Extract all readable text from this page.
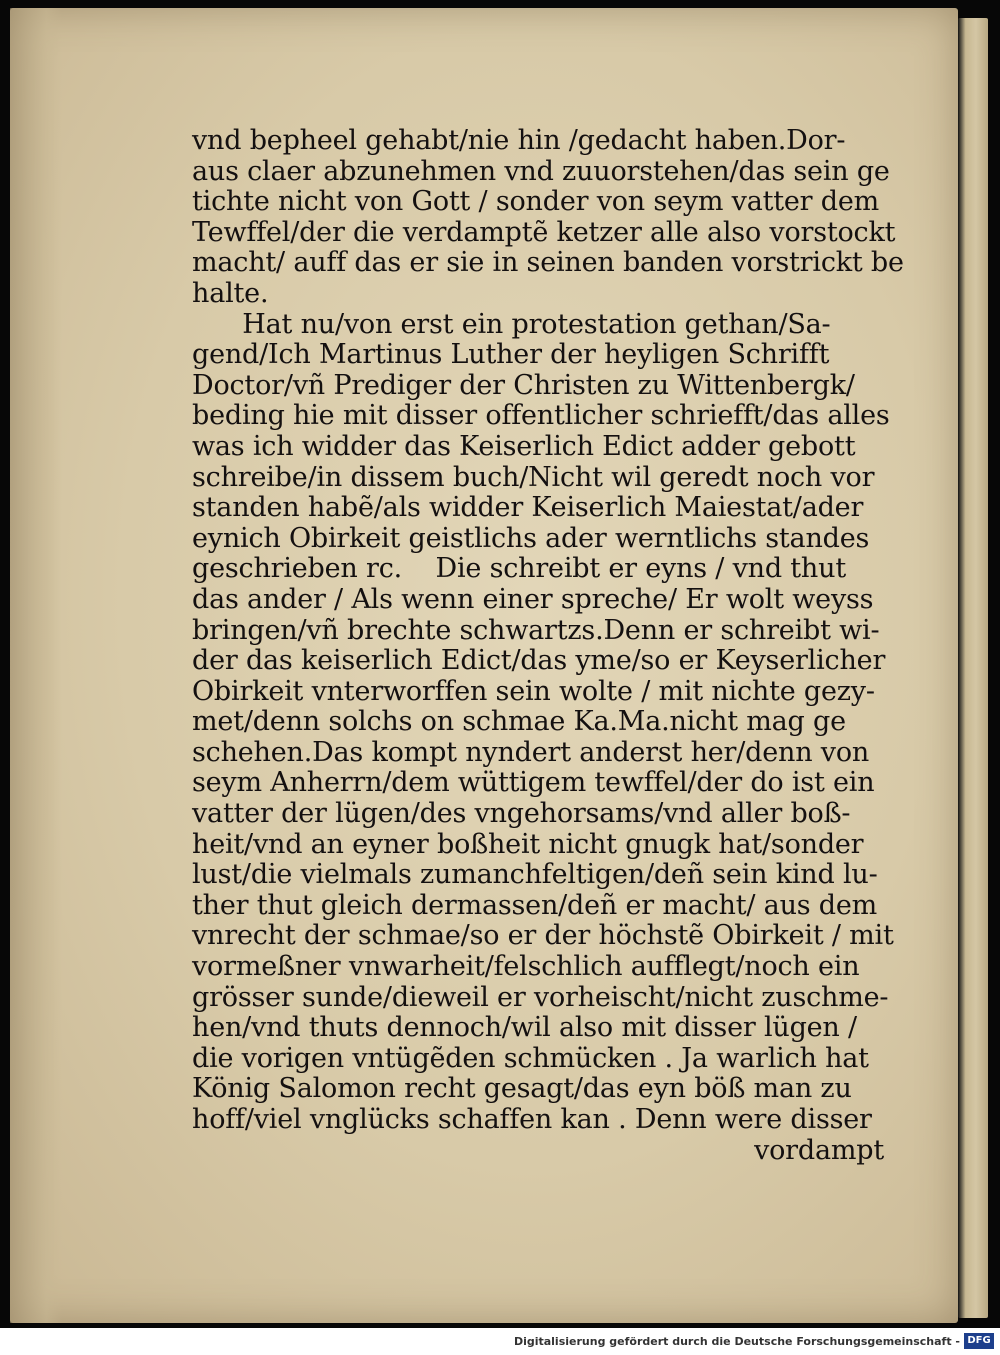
vnd bepheel gehabt/nie hin /gedacht haben.Dor-
aus claer abzunehmen vnd zuuorstehen/das sein ge
tichte nicht von Gott / sonder von seym vatter dem
Tewffel/der die verdamptẽ ketzer alle also vorstockt
macht/ auff das er sie in seinen banden vorstrickt be
halte.
Hat nu/von erst ein protestation gethan/Sa-
gend/Ich Martinus Luther der heyligen Schrifft
Doctor/vñ Prediger der Christen zu Wittenbergk/
beding hie mit disser offentlicher schriefft/das alles
was ich widder das Keiserlich Edict adder gebott
schreibe/in dissem buch/Nicht wil geredt noch vor
standen habẽ/als widder Keiserlich Maiestat/ader
eynich Obirkeit geistlichs ader werntlichs standes
geschrieben rc.    Die schreibt er eyns / vnd thut
das ander / Als wenn einer spreche/ Er wolt weyss
bringen/vñ brechte schwartzs.Denn er schreibt wi-
der das keiserlich Edict/das yme/so er Keyserlicher
Obirkeit vnterworffen sein wolte / mit nichte gezy-
met/denn solchs on schmae Ka.Ma.nicht mag ge
schehen.Das kompt nyndert anderst her/denn von
seym Anherrn/dem wüttigem tewffel/der do ist ein
vatter der lügen/des vngehorsams/vnd aller boß-
heit/vnd an eyner boßheit nicht gnugk hat/sonder
lust/die vielmals zumanchfeltigen/deñ sein kind lu-
ther thut gleich dermassen/deñ er macht/ aus dem
vnrecht der schmae/so er der höchstẽ Obirkeit / mit
vormeßner vnwarheit/felschlich aufflegt/noch ein
grösser sunde/dieweil er vorheischt/nicht zuschme-
hen/vnd thuts dennoch/wil also mit disser lügen /
die vorigen vntügẽden schmücken . Ja warlich hat
König Salomon recht gesagt/das eyn böß man zu
hoff/viel vnglücks schaffen kan . Denn were disser
vordampt
Digitalisierung gefördert durch die Deutsche Forschungsgemeinschaft - DFG
